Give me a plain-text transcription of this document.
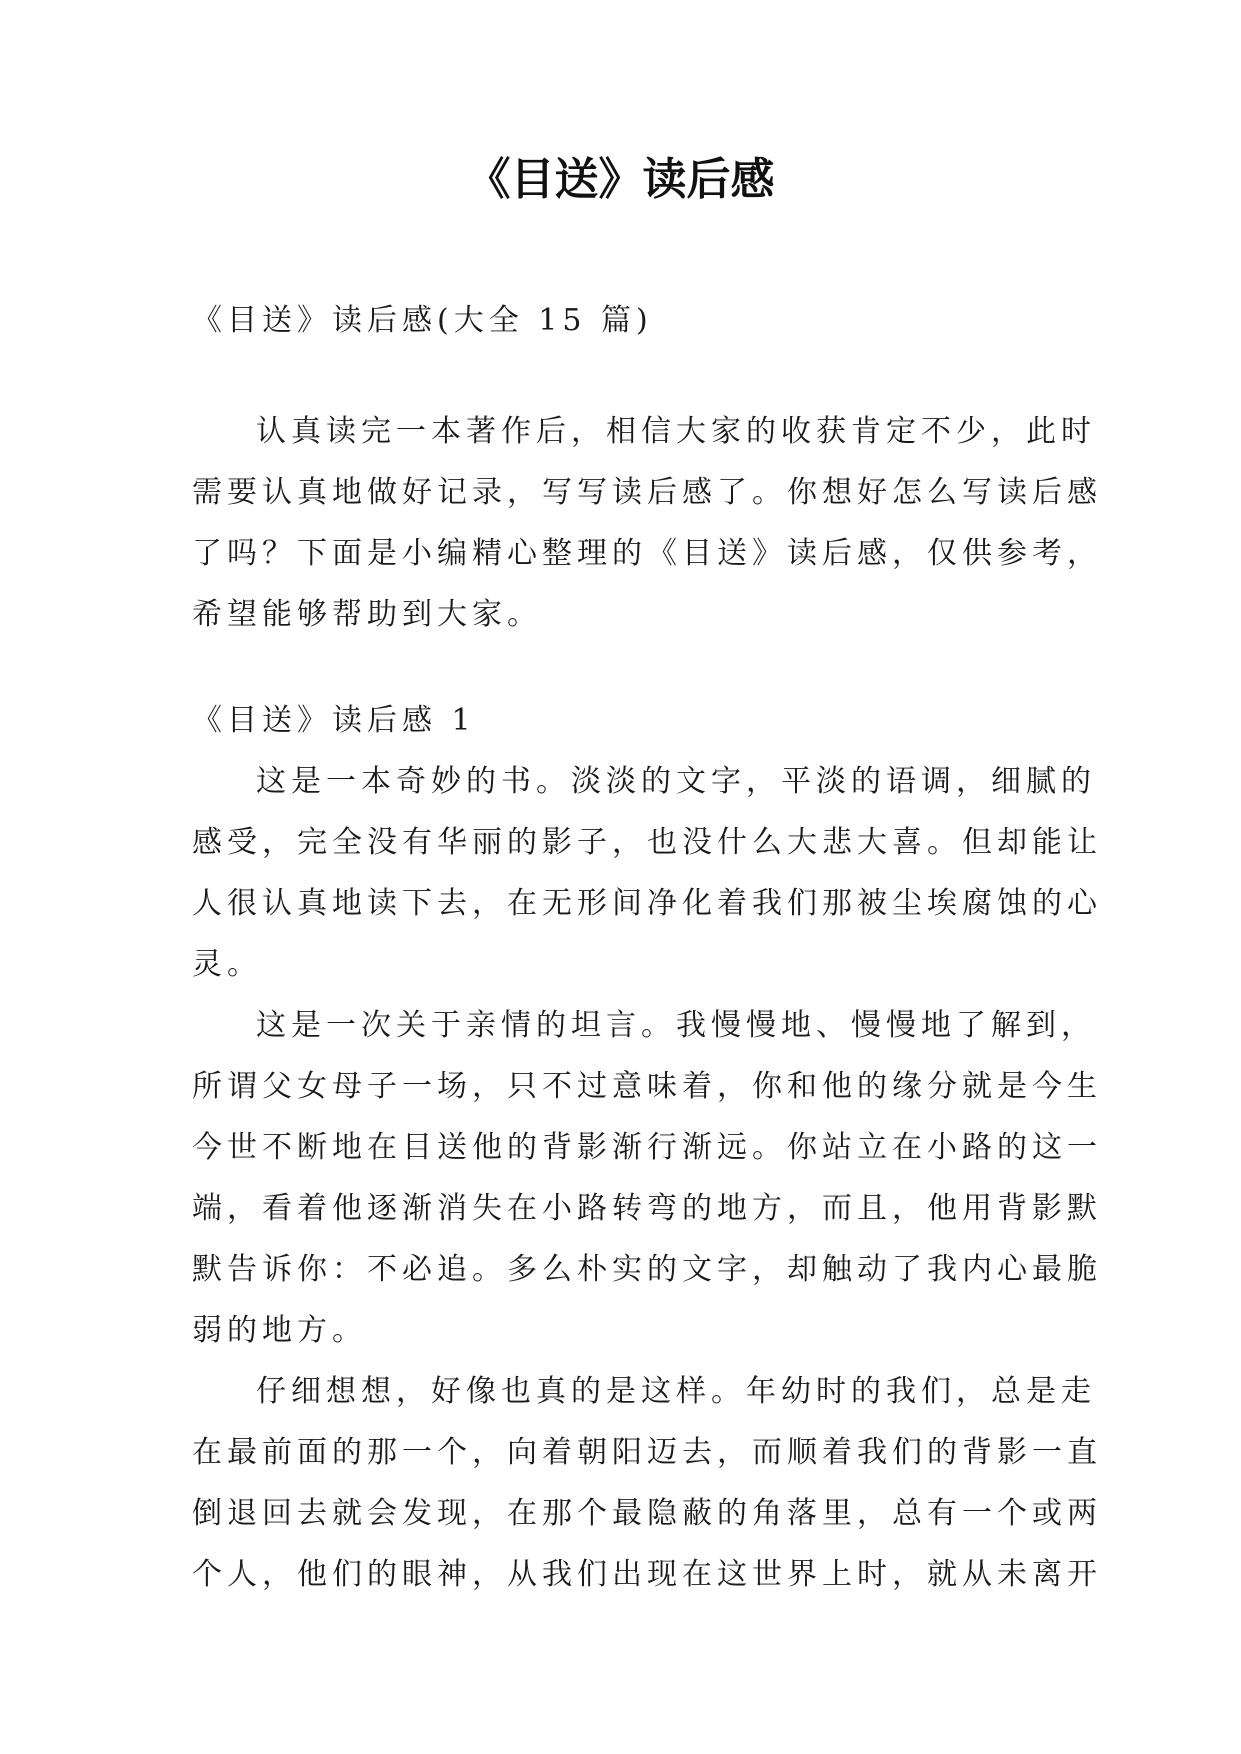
《目送》读后感
《目送》读后感(大全 15 篇)
认真读完一本著作后，相信大家的收获肯定不少，此时
需要认真地做好记录，写写读后感了。你想好怎么写读后感
了吗？下面是小编精心整理的《目送》读后感，仅供参考，
希望能够帮助到大家。
《目送》读后感 1
这是一本奇妙的书。淡淡的文字，平淡的语调，细腻的
感受，完全没有华丽的影子，也没什么大悲大喜。但却能让
人很认真地读下去，在无形间净化着我们那被尘埃腐蚀的心
灵。
这是一次关于亲情的坦言。我慢慢地、慢慢地了解到，
所谓父女母子一场，只不过意味着，你和他的缘分就是今生
今世不断地在目送他的背影渐行渐远。你站立在小路的这一
端，看着他逐渐消失在小路转弯的地方，而且，他用背影默
默告诉你：不必追。多么朴实的文字，却触动了我内心最脆
弱的地方。
仔细想想，好像也真的是这样。年幼时的我们，总是走
在最前面的那一个，向着朝阳迈去，而顺着我们的背影一直
倒退回去就会发现，在那个最隐蔽的角落里，总有一个或两
个人，他们的眼神，从我们出现在这世界上时，就从未离开
